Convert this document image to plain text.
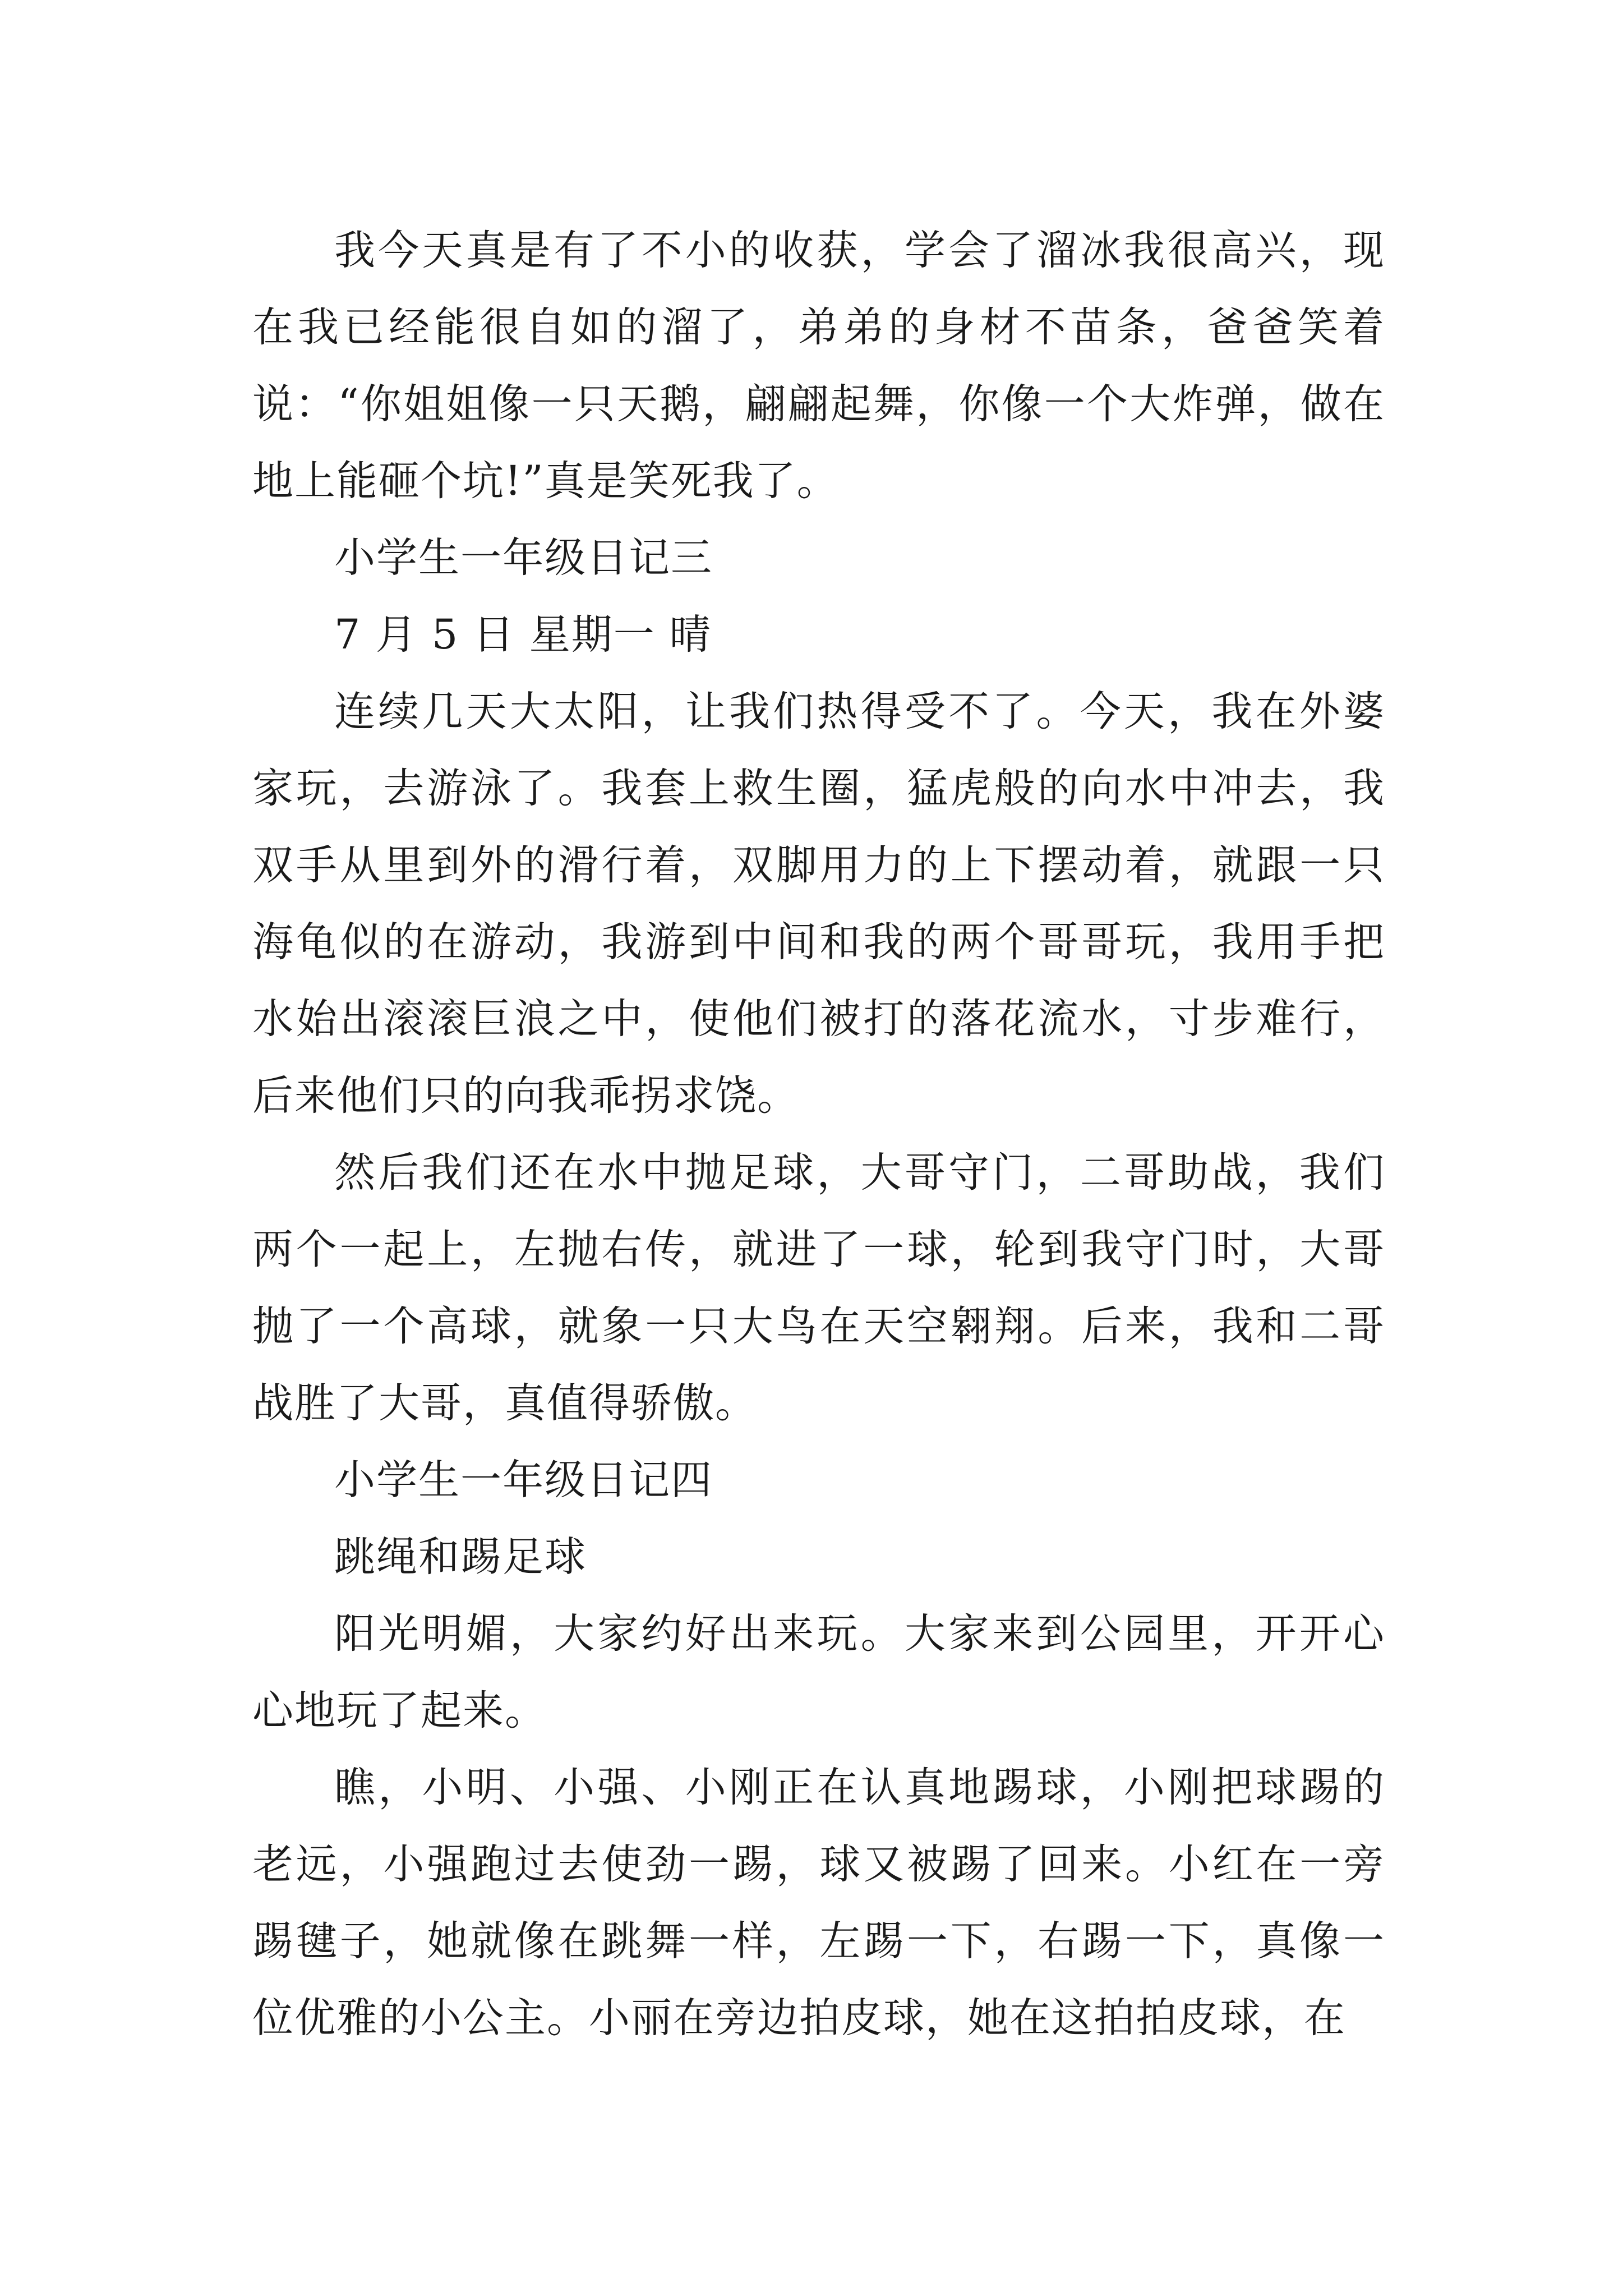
我今天真是有了不小的收获，学会了溜冰我很高兴，现在我已经能很自如的溜了，弟弟的身材不苗条，爸爸笑着说：“你姐姐像一只天鹅，翩翩起舞，你像一个大炸弹，做在地上能砸个坑!”真是笑死我了。

小学生一年级日记三

7 月 5 日 星期一 晴

连续几天大太阳，让我们热得受不了。今天，我在外婆家玩，去游泳了。我套上救生圈，猛虎般的向水中冲去，我双手从里到外的滑行着，双脚用力的上下摆动着，就跟一只海龟似的在游动，我游到中间和我的两个哥哥玩，我用手把水始出滚滚巨浪之中，使他们被打的落花流水，寸步难行，后来他们只的向我乖拐求饶。

然后我们还在水中抛足球，大哥守门，二哥助战，我们两个一起上，左抛右传，就进了一球，轮到我守门时，大哥抛了一个高球，就象一只大鸟在天空翱翔。后来，我和二哥战胜了大哥，真值得骄傲。

小学生一年级日记四

跳绳和踢足球

阳光明媚，大家约好出来玩。大家来到公园里，开开心心地玩了起来。

瞧，小明、小强、小刚正在认真地踢球，小刚把球踢的老远，小强跑过去使劲一踢，球又被踢了回来。小红在一旁踢毽子，她就像在跳舞一样，左踢一下，右踢一下，真像一位优雅的小公主。小丽在旁边拍皮球，她在这拍拍皮球，在
